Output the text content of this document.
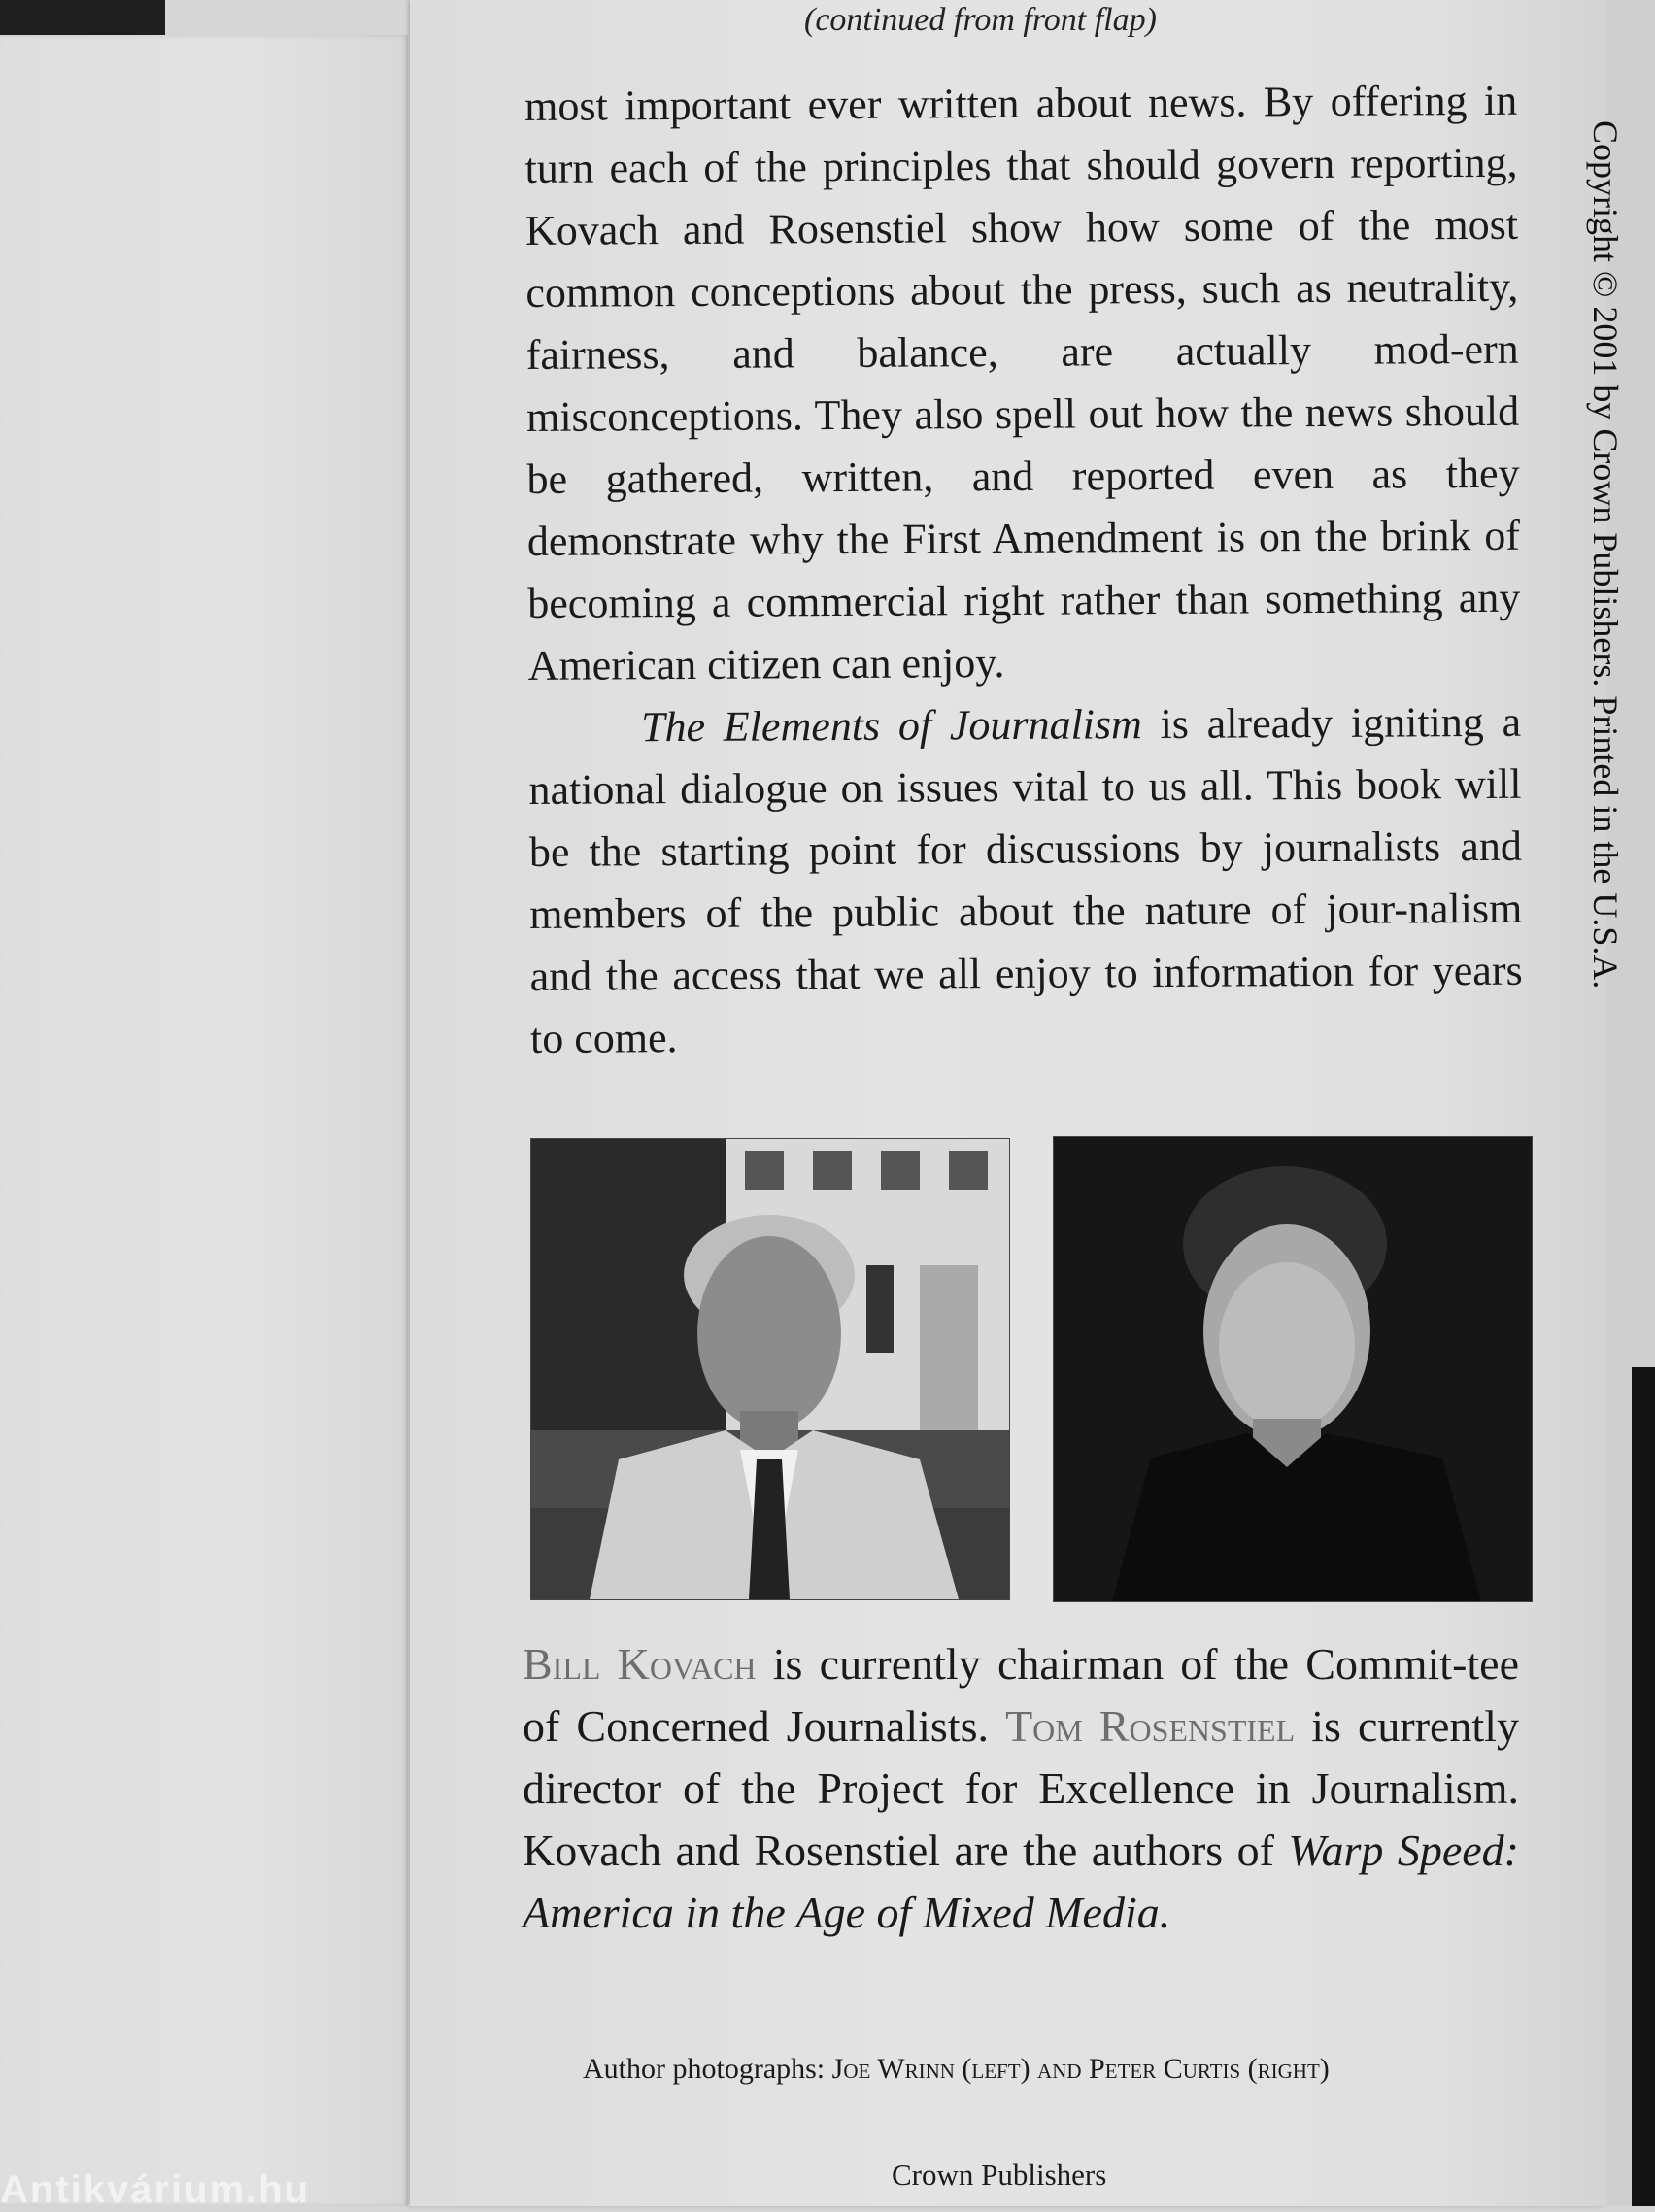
Antikvárium.hu
(continued from front flap)

most important ever written about news. By offering in turn each of the principles that should govern reporting, Kovach and Rosenstiel show how some of the most common conceptions about the press, such as neutrality, fairness, and balance, are actually mod-ern misconceptions. They also spell out how the news should be gathered, written, and reported even as they demonstrate why the First Amendment is on the brink of becoming a commercial right rather than something any American citizen can enjoy.

The Elements of Journalism is already igniting a national dialogue on issues vital to us all. This book will be the starting point for discussions by journalists and members of the public about the nature of jour-nalism and the access that we all enjoy to information for years to come.

Bill Kovach is currently chairman of the Commit-tee of Concerned Journalists. Tom Rosenstiel is currently director of the Project for Excellence in Journalism. Kovach and Rosenstiel are the authors of Warp Speed: America in the Age of Mixed Media.

Author photographs: Joe Wrinn (left) and Peter Curtis (right)
Crown Publishers
Copyright © 2001 by Crown Publishers. Printed in the U.S.A.
